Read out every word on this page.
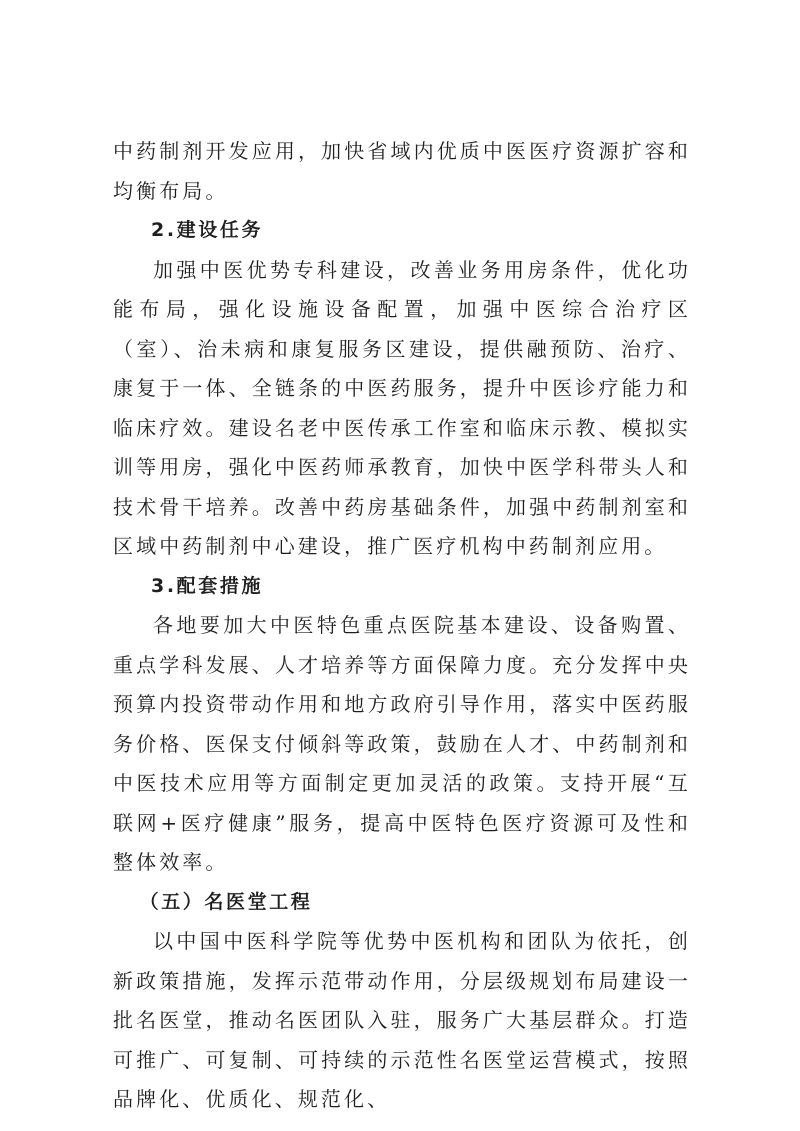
中药制剂开发应用，加快省域内优质中医医疗资源扩容和均衡布局。

2.建设任务

加强中医优势专科建设，改善业务用房条件，优化功能布局，强化设施设备配置，加强中医综合治疗区（室）、治未病和康复服务区建设，提供融预防、治疗、康复于一体、全链条的中医药服务，提升中医诊疗能力和临床疗效。建设名老中医传承工作室和临床示教、模拟实训等用房，强化中医药师承教育，加快中医学科带头人和技术骨干培养。改善中药房基础条件，加强中药制剂室和区域中药制剂中心建设，推广医疗机构中药制剂应用。

3.配套措施

各地要加大中医特色重点医院基本建设、设备购置、重点学科发展、人才培养等方面保障力度。充分发挥中央预算内投资带动作用和地方政府引导作用，落实中医药服务价格、医保支付倾斜等政策，鼓励在人才、中药制剂和中医技术应用等方面制定更加灵活的政策。支持开展“互联网+医疗健康”服务，提高中医特色医疗资源可及性和整体效率。

（五）名医堂工程

以中国中医科学院等优势中医机构和团队为依托，创新政策措施，发挥示范带动作用，分层级规划布局建设一批名医堂，推动名医团队入驻，服务广大基层群众。打造可推广、可复制、可持续的示范性名医堂运营模式，按照品牌化、优质化、规范化、
